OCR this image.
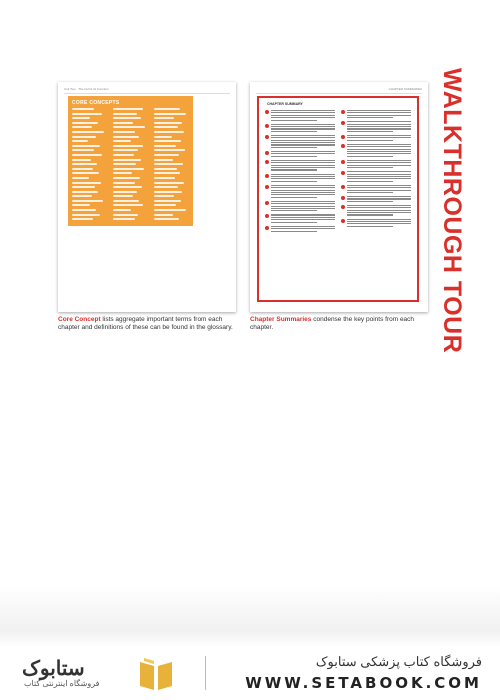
Unit Two · The Cell & Its Function
CORE CONCEPTS
CHAPTER SUMMARIES
CHAPTER SUMMARY
Core Concept lists aggregate important terms from each chapter and definitions of these can be found in the glossary.
Chapter Summaries condense the key points from each chapter.	WALKTHROUGH TOUR
ستابوک
فروشگاه اینترنتی کتاب
فروشگاه کتاب پزشکی ستابوک
WWW.SETABOOK.COM
